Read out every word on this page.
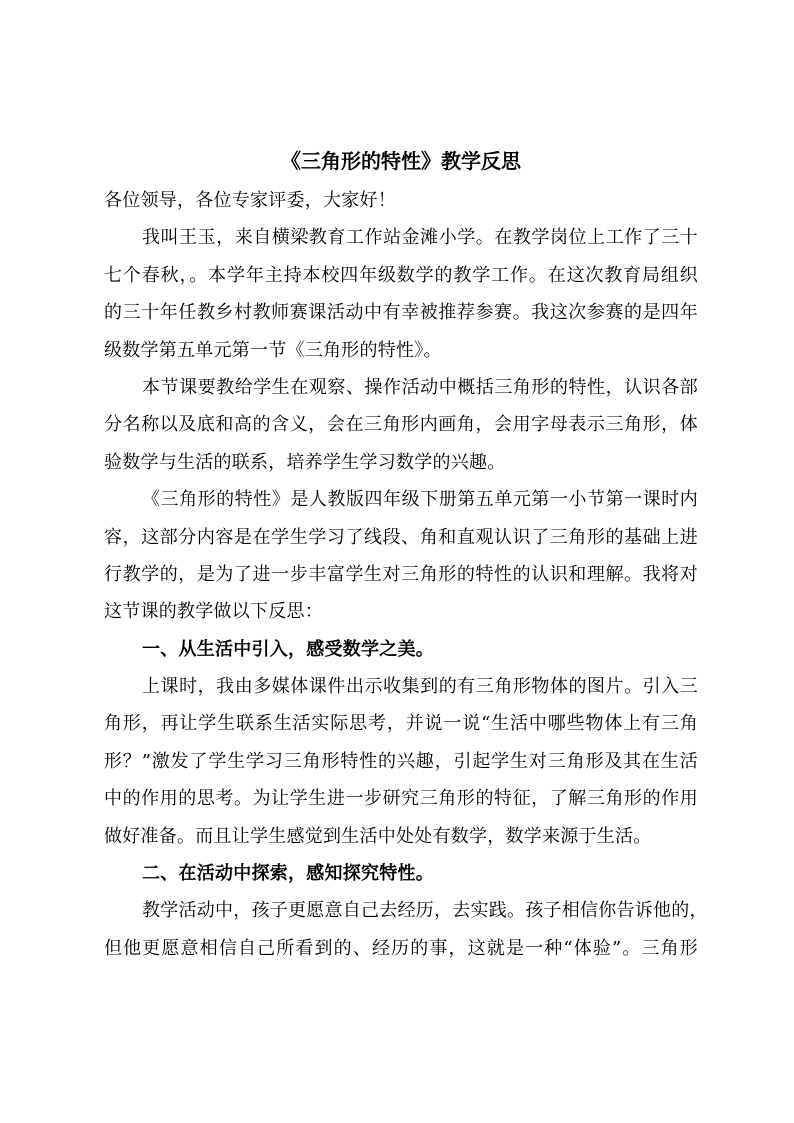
《三角形的特性》教学反思
各位领导，各位专家评委，大家好！
我叫王玉，来自横梁教育工作站金滩小学。在教学岗位上工作了三十
七个春秋，。本学年主持本校四年级数学的教学工作。在这次教育局组织
的三十年任教乡村教师赛课活动中有幸被推荐参赛。我这次参赛的是四年
级数学第五单元第一节《三角形的特性》。
本节课要教给学生在观察、操作活动中概括三角形的特性，认识各部
分名称以及底和高的含义，会在三角形内画角，会用字母表示三角形，体
验数学与生活的联系，培养学生学习数学的兴趣。
《三角形的特性》是人教版四年级下册第五单元第一小节第一课时内
容，这部分内容是在学生学习了线段、角和直观认识了三角形的基础上进
行教学的，是为了进一步丰富学生对三角形的特性的认识和理解。我将对
这节课的教学做以下反思：
一、从生活中引入，感受数学之美。
上课时，我由多媒体课件出示收集到的有三角形物体的图片。引入三
角形，再让学生联系生活实际思考，并说一说“生活中哪些物体上有三角
形？”激发了学生学习三角形特性的兴趣，引起学生对三角形及其在生活
中的作用的思考。为让学生进一步研究三角形的特征，了解三角形的作用
做好准备。而且让学生感觉到生活中处处有数学，数学来源于生活。
二、在活动中探索，感知探究特性。
教学活动中，孩子更愿意自己去经历，去实践。孩子相信你告诉他的，
但他更愿意相信自己所看到的、经历的事，这就是一种“体验”。三角形
